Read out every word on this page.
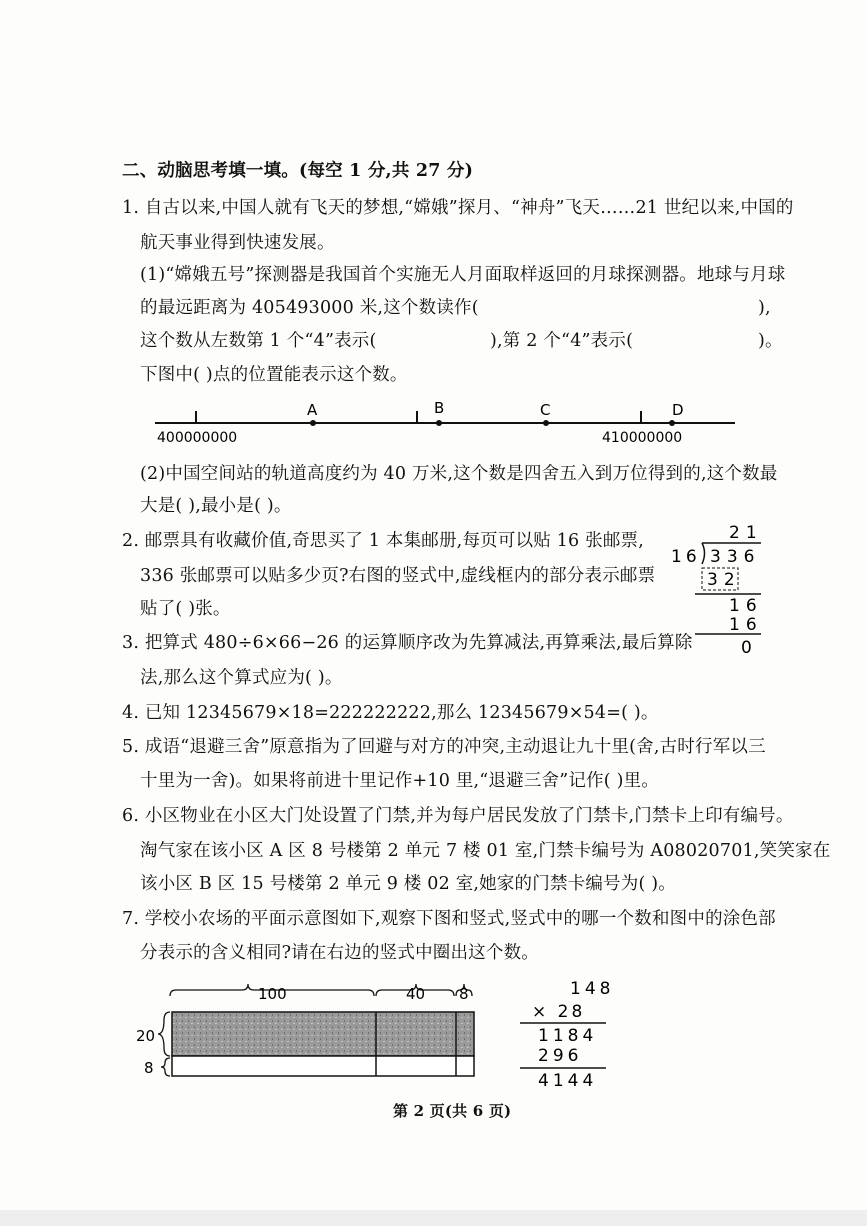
二、动脑思考填一填。(每空 1 分,共 27 分)
1. 自古以来,中国人就有飞天的梦想,“嫦娥”探月、“神舟”飞天……21 世纪以来,中国的
航天事业得到快速发展。
(1)“嫦娥五号”探测器是我国首个实施无人月面取样返回的月球探测器。地球与月球
的最远距离为 405493000 米,这个数读作(	),
这个数从左数第 1 个“4”表示(	),第 2 个“4”表示(	)。
下图中( )点的位置能表示这个数。
A	B	C	D
400000000	410000000
(2)中国空间站的轨道高度约为 40 万米,这个数是四舍五入到万位得到的,这个数最
大是( ),最小是( )。
2. 邮票具有收藏价值,奇思买了 1 本集邮册,每页可以贴 16 张邮票,
336 张邮票可以贴多少页?右图的竖式中,虚线框内的部分表示邮票
贴了( )张。
21
16 336
32
16
16
0
3. 把算式 480÷6×66−26 的运算顺序改为先算减法,再算乘法,最后算除
法,那么这个算式应为( )。
4. 已知 12345679×18=222222222,那么 12345679×54=( )。
5. 成语“退避三舍”原意指为了回避与对方的冲突,主动退让九十里(舍,古时行军以三
十里为一舍)。如果将前进十里记作+10 里,“退避三舍”记作( )里。
6. 小区物业在小区大门处设置了门禁,并为每户居民发放了门禁卡,门禁卡上印有编号。
淘气家在该小区 A 区 8 号楼第 2 单元 7 楼 01 室,门禁卡编号为 A08020701,笑笑家在
该小区 B 区 15 号楼第 2 单元 9 楼 02 室,她家的门禁卡编号为( )。
7. 学校小农场的平面示意图如下,观察下图和竖式,竖式中的哪一个数和图中的涂色部
分表示的含义相同?请在右边的竖式中圈出这个数。
100	40 8
20
8
148
× 28
1184
296
4144
第 2 页(共 6 页)
